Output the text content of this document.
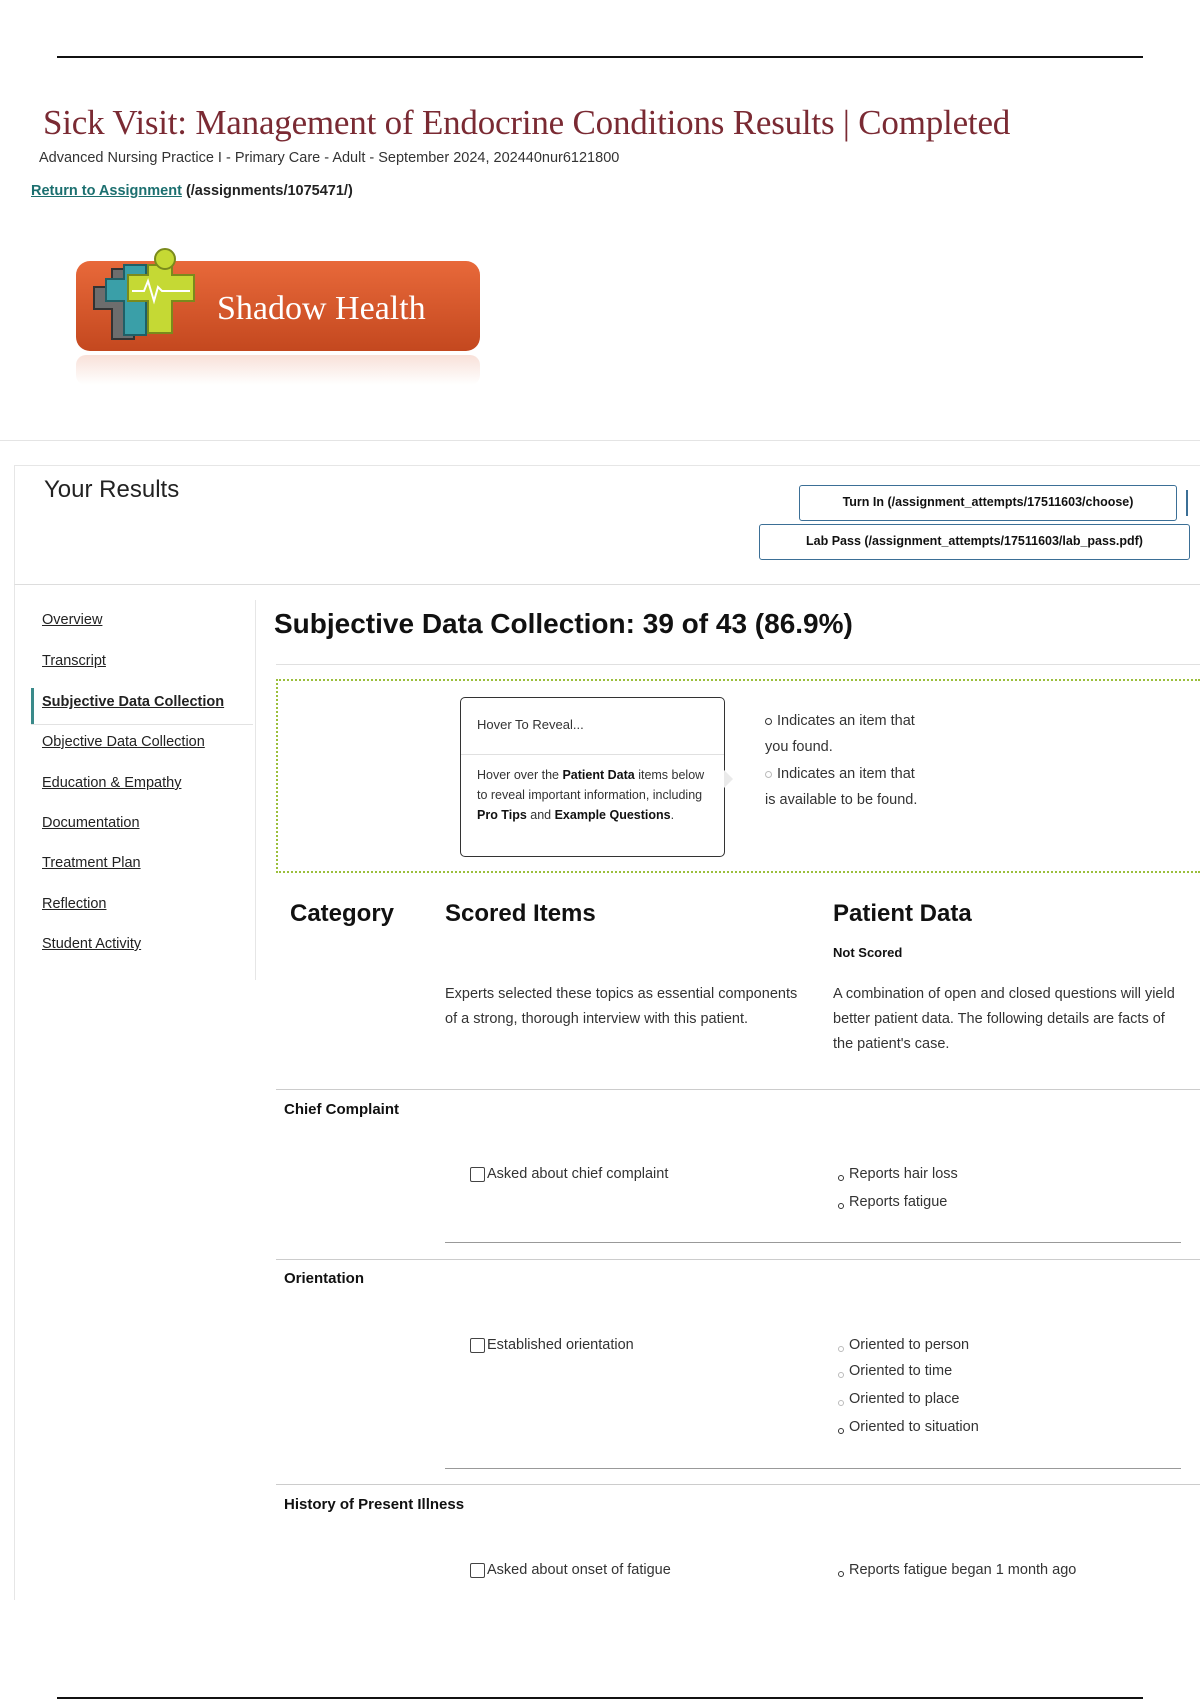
Sick Visit: Management of Endocrine Conditions Results | Completed
Advanced Nursing Practice I - Primary Care - Adult - September 2024, 202440nur6121800
Return to Assignment (/assignments/1075471/)
Shadow Health
Your Results	Turn In (/assignment_attempts/17511603/choose)
Lab Pass (/assignment_attempts/17511603/lab_pass.pdf)
Overview
Transcript
Subjective Data Collection
Objective Data Collection
Education & Empathy
Documentation
Treatment Plan
Reflection
Student Activity
Subjective Data Collection: 39 of 43 (86.9%)
Hover To Reveal...
Hover over the Patient Data items below to reveal important information, including Pro Tips and Example Questions.
Indicates an item that
you found.
Indicates an item that
is available to be found.
Category Scored Items	Patient Data
Not Scored
Experts selected these topics as essential components of a strong, thorough interview with this patient.
A combination of open and closed questions will yield better patient data. The following details are facts of the patient's case.
Chief Complaint
Asked about chief complaint	Reports hair loss
Reports fatigue
Orientation
Established orientation	Oriented to person
Oriented to time
Oriented to place
Oriented to situation
History of Present Illness
Asked about onset of fatigue	Reports fatigue began 1 month ago
